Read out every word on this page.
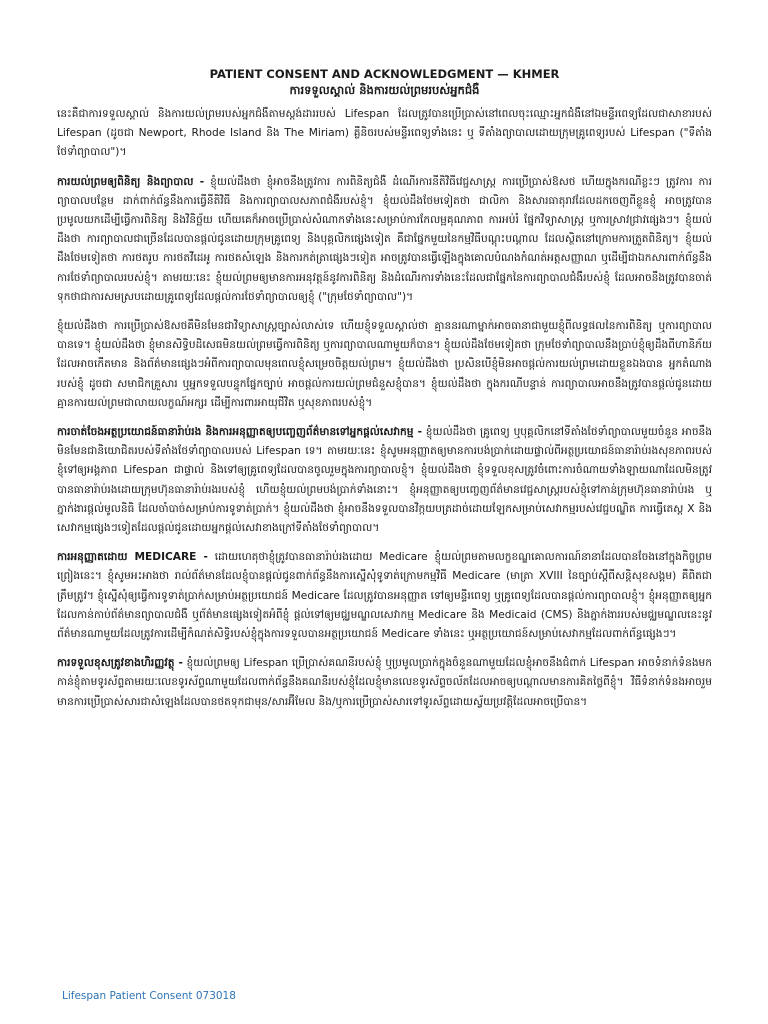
PATIENT CONSENT AND ACKNOWLEDGMENT — KHMER

ការទទួលស្គាល់ និងការយល់ព្រមរបស់អ្នកជំងឺ

នេះគឺជាការទទួលស្គាល់ និងការយល់ព្រមរបស់អ្នកជំងឺតាមស្តង់ដាររបស់ Lifespan ដែលត្រូវបានប្រើប្រាស់នៅពេលចុះឈ្មោះអ្នកជំងឺនៅឯមន្ទីរពេទ្យដែលជាសាខារបស់ Lifespan (ដូចជា Newport, Rhode Island និង The Miriam) គ្លីនិចរបស់មន្ទីរពេទ្យទាំងនេះ ឬ ទីតាំងព្យាបាលដោយក្រុមគ្រូពេទ្យរបស់ Lifespan ("ទីតាំងថែទាំព្យាបាល")។

ការយល់ព្រមឲ្យពិនិត្យ និងព្យាបាល - ខ្ញុំយល់ដឹងថា ខ្ញុំអាចនឹងត្រូវការ ការពិនិត្យជំងឺ ដំណើរការនីតិវិធីវេជ្ជសាស្ត្រ ការប្រើប្រាស់ឱសថ ហើយក្នុងករណីខ្លះៗ ត្រូវការ ការព្យាបាលបន្ថែម ដាក់ពាក់ព័ន្ធនឹងការធ្វើនីតិវិធី និងការព្យាបាលសភាពជំងឺរបស់ខ្ញុំ។ ខ្ញុំយល់ដឹងថែមទៀតថា ជាលិកា និងសារធាតុរាវដែលដកចេញពីខ្លួនខ្ញុំ អាចត្រូវបានប្រមូលយកដើម្បីធ្វើការពិនិត្យ និងវិនិច្ឆ័យ ហើយគេក៏អាចប្រើប្រាស់សំណាកទាំងនេះសម្រាប់ការកែលម្អគុណភាព ការអប់រំ ផ្នែកវិទ្យាសាស្ត្រ ឬការស្រាវជ្រាវផ្សេងៗ។ ខ្ញុំយល់ដឹងថា ការព្យាបាលជាច្រើនដែលបានផ្ដល់ជូនដោយក្រុមគ្រូពេទ្យ និងបុគ្គលិកផ្សេងទៀត គឺជាផ្នែកមួយនៃកម្មវិធីបណ្តុះបណ្តាល ដែលស្ថិតនៅក្រោមការត្រួតពិនិត្យ។ ខ្ញុំយល់ដឹងថែមទៀតថា ការថតរូប ការថតវីដេអូ ការថតសំឡេង និងការកត់ត្រាផ្សេងៗទៀត អាចត្រូវបានធ្វើឡើងក្នុងគោលបំណងកំណត់អត្តសញ្ញាណ ឬដើម្បីជាឯកសារពាក់ព័ន្ធនឹងការថែទាំព្យាបាលរបស់ខ្ញុំ។ តាមរយៈនេះ ខ្ញុំយល់ព្រមឲ្យមានការអនុវត្តន៍នូវការពិនិត្យ និងដំណើរការទាំងនេះដែលជាផ្នែកនៃការព្យាបាលជំងឺរបស់ខ្ញុំ ដែលអាចនឹងត្រូវបានចាត់ទុកថាជាការសមស្របដោយគ្រូពេទ្យដែលផ្ដល់ការថែទាំព្យាបាលឲ្យខ្ញុំ ("ក្រុមថែទាំព្យាបាល")។

ខ្ញុំយល់ដឹងថា ការប្រើប្រាស់ឱសថគឺមិនមែនជាវិទ្យាសាស្ត្រច្បាស់លាស់ទេ ហើយខ្ញុំទទួលស្គាល់ថា គ្មាននរណាម្នាក់អាចធានាជាមួយខ្ញុំពីលទ្ធផលនៃការពិនិត្យ ឬការព្យាបាលបានទេ។ ខ្ញុំយល់ដឹងថា ខ្ញុំមានសិទ្ធិបដិសេធមិនយល់ព្រមធ្វើការពិនិត្យ ឬការព្យាបាលណាមួយក៏បាន។ ខ្ញុំយល់ដឹងថែមទៀតថា ក្រុមថែទាំព្យាបាលនឹងប្រាប់ខ្ញុំឲ្យដឹងពីហានិភ័យដែលអាចកើតមាន និងព័ត៌មានផ្សេងៗអំពីការព្យាបាលមុនពេលខ្ញុំសម្រេចចិត្តយល់ព្រម។ ខ្ញុំយល់ដឹងថា ប្រសិនបើខ្ញុំមិនអាចផ្ដល់ការយល់ព្រមដោយខ្លួនឯងបាន អ្នកតំណាងរបស់ខ្ញុំ ដូចជា សមាជិកគ្រួសារ ឬអ្នកទទួលបន្ទុកផ្នែកច្បាប់ អាចផ្ដល់ការយល់ព្រមជំនួសខ្ញុំបាន។ ខ្ញុំយល់ដឹងថា ក្នុងករណីបន្ទាន់ ការព្យាបាលអាចនឹងត្រូវបានផ្ដល់ជូនដោយគ្មានការយល់ព្រមជាលាយលក្ខណ៍អក្សរ ដើម្បីការពារអាយុជីវិត ឬសុខភាពរបស់ខ្ញុំ។

ការចាត់ចែងអត្ថប្រយោជន៍ធានារ៉ាប់រង និងការអនុញ្ញាតឲ្យបញ្ចេញព័ត៌មានទៅអ្នកផ្ដល់សេវាកម្ម - ខ្ញុំយល់ដឹងថា គ្រូពេទ្យ ឬបុគ្គលិកនៅទីតាំងថែទាំព្យាបាលមួយចំនួន អាចនឹងមិនមែនជានិយោជិតរបស់ទីតាំងថែទាំព្យាបាលរបស់ Lifespan ទេ។ តាមរយៈនេះ ខ្ញុំសូមអនុញ្ញាតឲ្យមានការបង់ប្រាក់ដោយផ្ទាល់ពីអត្ថប្រយោជន៍ធានារ៉ាប់រងសុខភាពរបស់ខ្ញុំទៅឲ្យអង្គភាព Lifespan ជាផ្ទាល់ និងទៅឲ្យគ្រូពេទ្យដែលបានចូលរួមក្នុងការព្យាបាលខ្ញុំ។ ខ្ញុំយល់ដឹងថា ខ្ញុំទទួលខុសត្រូវចំពោះការចំណាយទាំងឡាយណាដែលមិនត្រូវបានធានារ៉ាប់រងដោយក្រុមហ៊ុនធានារ៉ាប់រងរបស់ខ្ញុំ ហើយខ្ញុំយល់ព្រមបង់ប្រាក់ទាំងនោះ។ ខ្ញុំអនុញ្ញាតឲ្យបញ្ចេញព័ត៌មានវេជ្ជសាស្ត្ររបស់ខ្ញុំទៅកាន់ក្រុមហ៊ុនធានារ៉ាប់រង ឬភ្នាក់ងារផ្ដល់មូលនិធិ ដែលចាំបាច់សម្រាប់ការទូទាត់ប្រាក់។ ខ្ញុំយល់ដឹងថា ខ្ញុំអាចនឹងទទួលបានវិក្កយបត្រដាច់ដោយឡែកសម្រាប់សេវាកម្មរបស់វេជ្ជបណ្ឌិត ការធ្វើតេស្ត X និងសេវាកម្មផ្សេងៗទៀតដែលផ្ដល់ជូនដោយអ្នកផ្ដល់សេវាខាងក្រៅទីតាំងថែទាំព្យាបាល។

ការអនុញ្ញាតដោយ MEDICARE - ដោយហេតុថាខ្ញុំត្រូវបានធានារ៉ាប់រងដោយ Medicare ខ្ញុំយល់ព្រមតាមលក្ខខណ្ឌគោលការណ៍នានាដែលបានចែងនៅក្នុងកិច្ចព្រមព្រៀងនេះ។ ខ្ញុំសូមអះអាងថា រាល់ព័ត៌មានដែលខ្ញុំបានផ្ដល់ជូនពាក់ព័ន្ធនឹងការស្នើសុំទូទាត់ក្រោមកម្មវិធី Medicare (មាត្រា XVIII នៃច្បាប់ស្ដីពីសន្តិសុខសង្គម) គឺពិតជាត្រឹមត្រូវ។ ខ្ញុំស្នើសុំឲ្យធ្វើការទូទាត់ប្រាក់សម្រាប់អត្ថប្រយោជន៍ Medicare ដែលត្រូវបានអនុញ្ញាត ទៅឲ្យមន្ទីរពេទ្យ ឬគ្រូពេទ្យដែលបានផ្ដល់ការព្យាបាលខ្ញុំ។ ខ្ញុំអនុញ្ញាតឲ្យអ្នកដែលកាន់កាប់ព័ត៌មានព្យាបាលជំងឺ ឬព័ត៌មានផ្សេងទៀតអំពីខ្ញុំ ផ្ដល់ទៅឲ្យមជ្ឈមណ្ឌលសេវាកម្ម Medicare និង Medicaid (CMS) និងភ្នាក់ងាររបស់មជ្ឈមណ្ឌលនេះនូវព័ត៌មានណាមួយដែលត្រូវការដើម្បីកំណត់សិទ្ធិរបស់ខ្ញុំក្នុងការទទួលបានអត្ថប្រយោជន៍ Medicare ទាំងនេះ ឬអត្ថប្រយោជន៍សម្រាប់សេវាកម្មដែលពាក់ព័ន្ធផ្សេងៗ។

ការទទួលខុសត្រូវខាងហិរញ្ញវត្ថុ - ខ្ញុំយល់ព្រមឲ្យ Lifespan ប្រើប្រាស់គណនីរបស់ខ្ញុំ ឬប្រមូលប្រាក់ក្នុងចំនួនណាមួយដែលខ្ញុំអាចនឹងជំពាក់ Lifespan អាចទំនាក់ទំនងមកកាន់ខ្ញុំតាមទូរស័ព្ទតាមរយៈលេខទូរស័ព្ទណាមួយដែលពាក់ព័ន្ធនឹងគណនីរបស់ខ្ញុំដែលខ្ញុំមានលេខទូរស័ព្ទចល័តដែលអាចឲ្យបណ្តាលមានការគិតថ្លៃពីខ្ញុំ។ វិធីទំនាក់ទំនងអាចរួមមានការប្រើប្រាស់សារជាសំឡេងដែលបានថតទុកជាមុន/សារអ៊ីមែល និង/ឬការប្រើប្រាស់សារទៅទូរស័ព្ទដោយស្វ័យប្រវត្តិដែលអាចប្រើបាន។

Lifespan Patient Consent 073018
